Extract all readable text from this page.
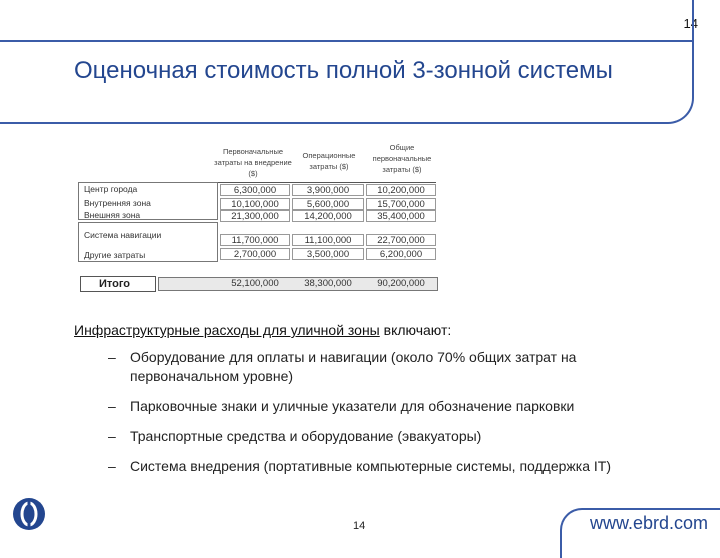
14
Оценочная стоимость полной 3-зонной системы
Первоначальные затраты на внедрение ($)
Операционные затраты ($)
Общие первоначальные затраты ($)
Центр города	6,300,000	3,900,000	10,200,000
Внутренняя зона	10,100,000	5,600,000	15,700,000
Внешняя зона	21,300,000	14,200,000	35,400,000
Система навигации	11,700,000	11,100,000	22,700,000
Другие затраты	2,700,000	3,500,000	6,200,000
Итого	52,100,000	38,300,000	90,200,000
Инфраструктурные расходы для уличной зоны включают:
– Оборудование для оплаты и навигации (около 70% общих затрат на первоначальном уровне)
– Парковочные знаки и уличные указатели для обозначение парковки
– Транспортные средства и оборудование (эвакуаторы)
– Система внедрения (портативные компьютерные системы, поддержка IT)
14	www.ebrd.com
